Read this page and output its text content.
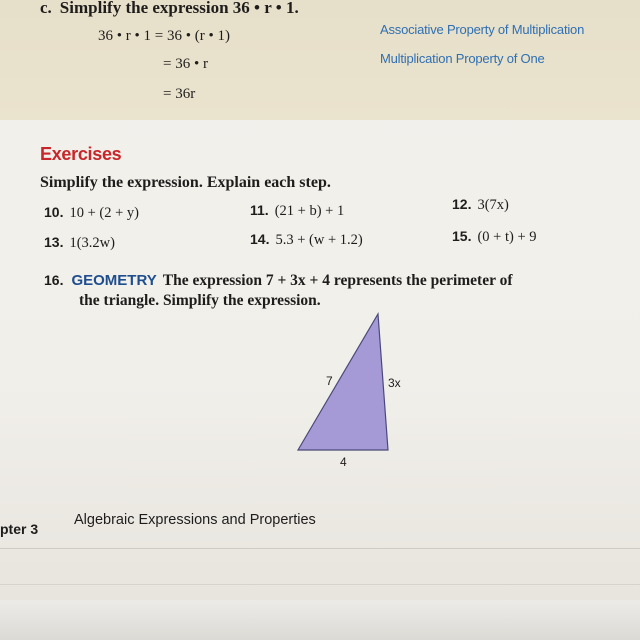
c. Simplify the expression 36 • r • 1.
36 • r • 1 = 36 • (r • 1)	Associative Property of Multiplication
= 36 • r	Multiplication Property of One
= 36r
Exercises
Simplify the expression. Explain each step.
10. 10 + (2 + y)	11. (21 + b) + 1	12. 3(7x)
13. 1(3.2w)	14. 5.3 + (w + 1.2)	15. (0 + t) + 9
16. GEOMETRY The expression 7 + 3x + 4 represents the perimeter of
the triangle. Simplify the expression.
7	3x
4
pter 3
Algebraic Expressions and Properties
